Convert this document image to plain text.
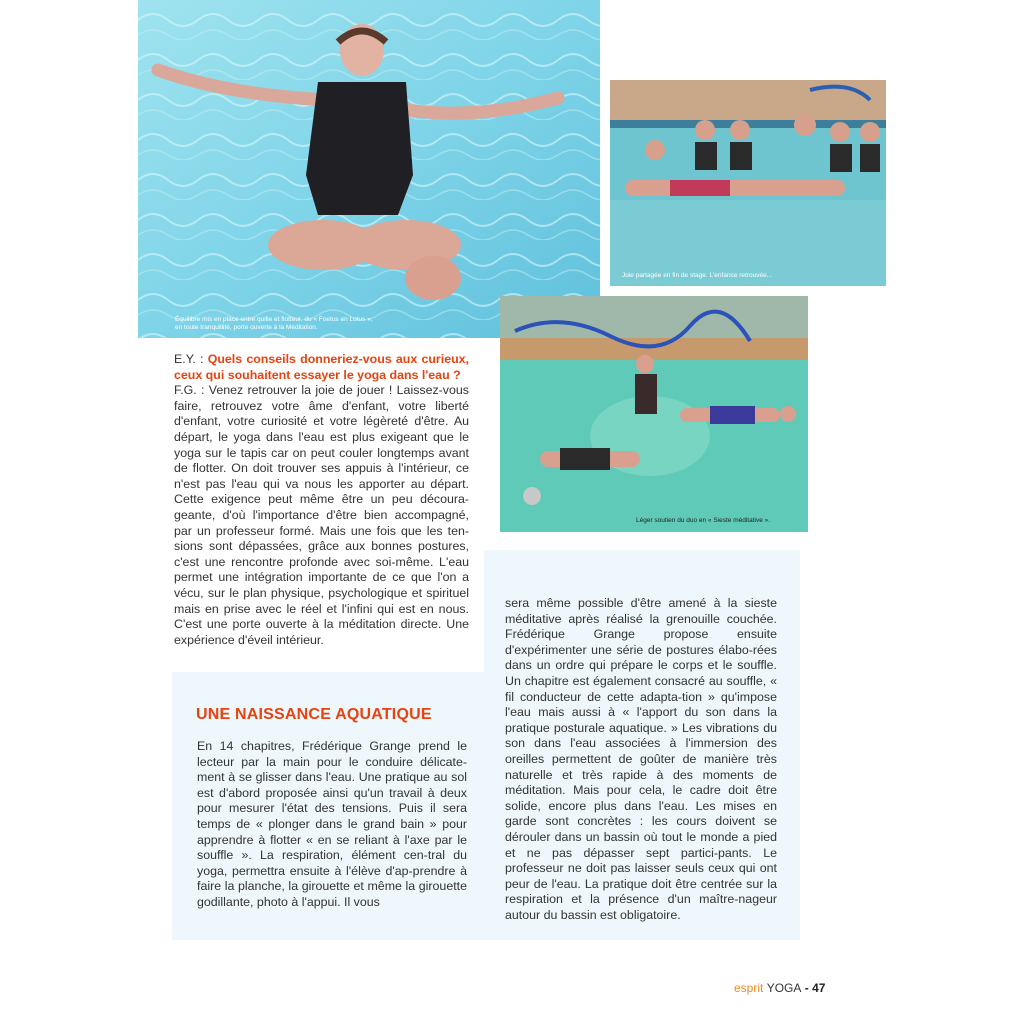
Équilibre mis en place entre quille et flotteur, du « Foetus en Lotus », en toute tranquillité, porte ouverte à la Méditation.
Joie partagée en fin de stage. L'enfance retrouvée...
Léger soutien du duo en « Sieste méditative ».
E.Y. : Quels conseils donneriez-vous aux curieux, ceux qui souhaitent essayer le yoga dans l'eau ?
F.G. : Venez retrouver la joie de jouer ! Laissez-vous faire, retrouvez votre âme d'enfant, votre liberté d'enfant, votre curiosité et votre légèreté d'être. Au départ, le yoga dans l'eau est plus exigeant que le yoga sur le tapis car on peut couler longtemps avant de flotter. On doit trouver ses appuis à l'intérieur, ce n'est pas l'eau qui va nous les apporter au départ. Cette exigence peut même être un peu découra-geante, d'où l'importance d'être bien accompagné, par un professeur formé. Mais une fois que les ten-sions sont dépassées, grâce aux bonnes postures, c'est une rencontre profonde avec soi-même. L'eau permet une intégration importante de ce que l'on a vécu, sur le plan physique, psychologique et spirituel mais en prise avec le réel et l'infini qui est en nous. C'est une porte ouverte à la méditation directe. Une expérience d'éveil intérieur.
UNE NAISSANCE AQUATIQUE
En 14 chapitres, Frédérique Grange prend le lecteur par la main pour le conduire délicate-ment à se glisser dans l'eau. Une pratique au sol est d'abord proposée ainsi qu'un travail à deux pour mesurer l'état des tensions. Puis il sera temps de « plonger dans le grand bain » pour apprendre à flotter « en se reliant à l'axe par le souffle ». La respiration, élément cen-tral du yoga, permettra ensuite à l'élève d'ap-prendre à faire la planche, la girouette et même la girouette godillante, photo à l'appui. Il vous
sera même possible d'être amené à la sieste méditative après réalisé la grenouille couchée. Frédérique Grange propose ensuite d'expérimenter une série de postures élabo-rées dans un ordre qui prépare le corps et le souffle. Un chapitre est également consacré au souffle, « fil conducteur de cette adapta-tion » qu'impose l'eau mais aussi à « l'apport du son dans la pratique posturale aquatique. » Les vibrations du son dans l'eau associées à l'immersion des oreilles permettent de goûter de manière très naturelle et très rapide à des moments de méditation. Mais pour cela, le cadre doit être solide, encore plus dans l'eau. Les mises en garde sont concrètes : les cours doivent se dérouler dans un bassin où tout le monde a pied et ne pas dépasser sept partici-pants. Le professeur ne doit pas laisser seuls ceux qui ont peur de l'eau. La pratique doit être centrée sur la respiration et la présence d'un maître-nageur autour du bassin est obligatoire.
esprit YOGA - 47
